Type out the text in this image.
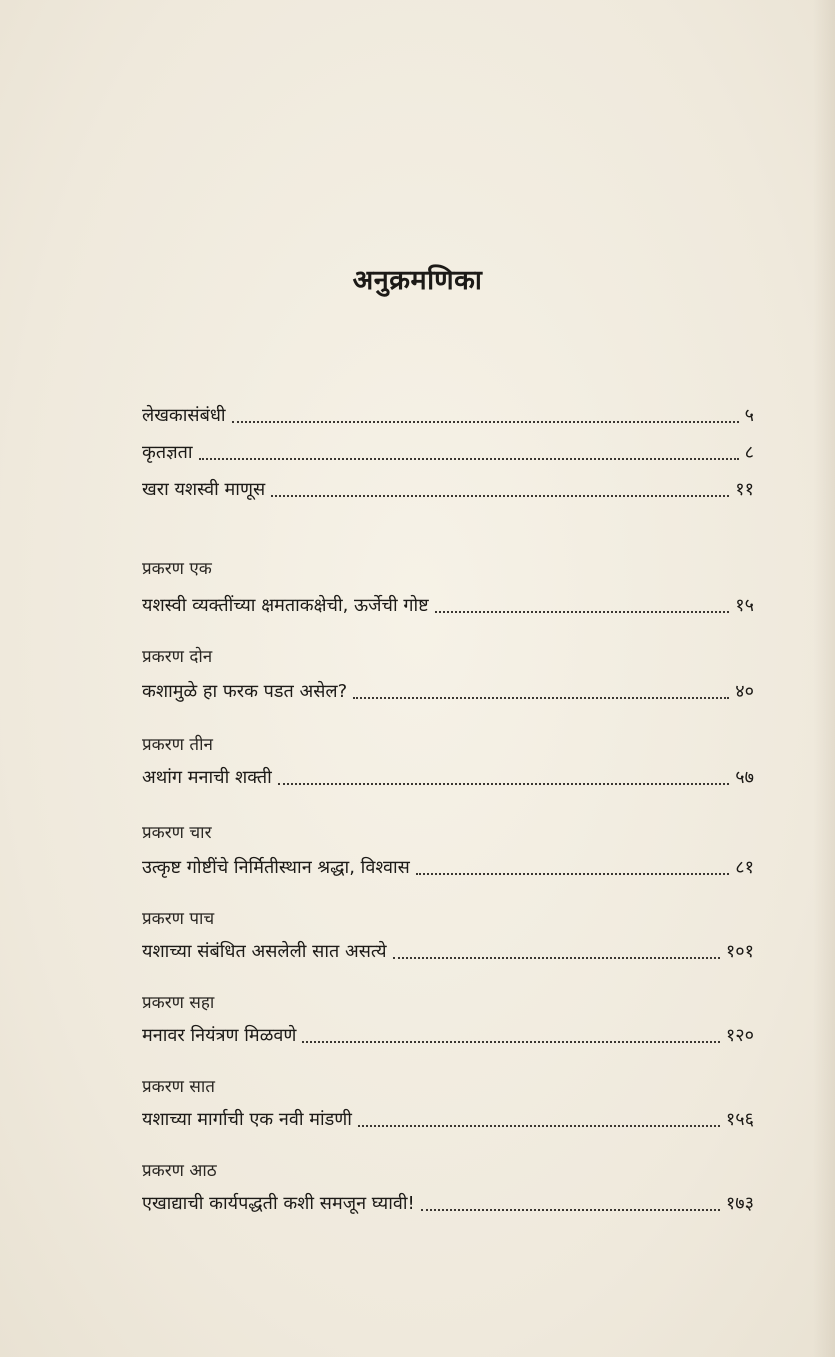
अनुक्रमणिका
लेखकासंबंधी	५
कृतज्ञता	८
खरा यशस्वी माणूस	११
प्रकरण एक
यशस्वी व्यक्तींच्या क्षमताकक्षेची, ऊर्जेची गोष्ट	१५
प्रकरण दोन
कशामुळे हा फरक पडत असेल?	४०
प्रकरण तीन
अथांग मनाची शक्ती	५७
प्रकरण चार
उत्कृष्ट गोष्टींचे निर्मितीस्थान श्रद्धा, विश्वास	८१
प्रकरण पाच
यशाच्या संबंधित असलेली सात असत्ये	१०१
प्रकरण सहा
मनावर नियंत्रण मिळवणे	१२०
प्रकरण सात
यशाच्या मार्गाची एक नवी मांडणी	१५६
प्रकरण आठ
एखाद्याची कार्यपद्धती कशी समजून घ्यावी!	१७३
